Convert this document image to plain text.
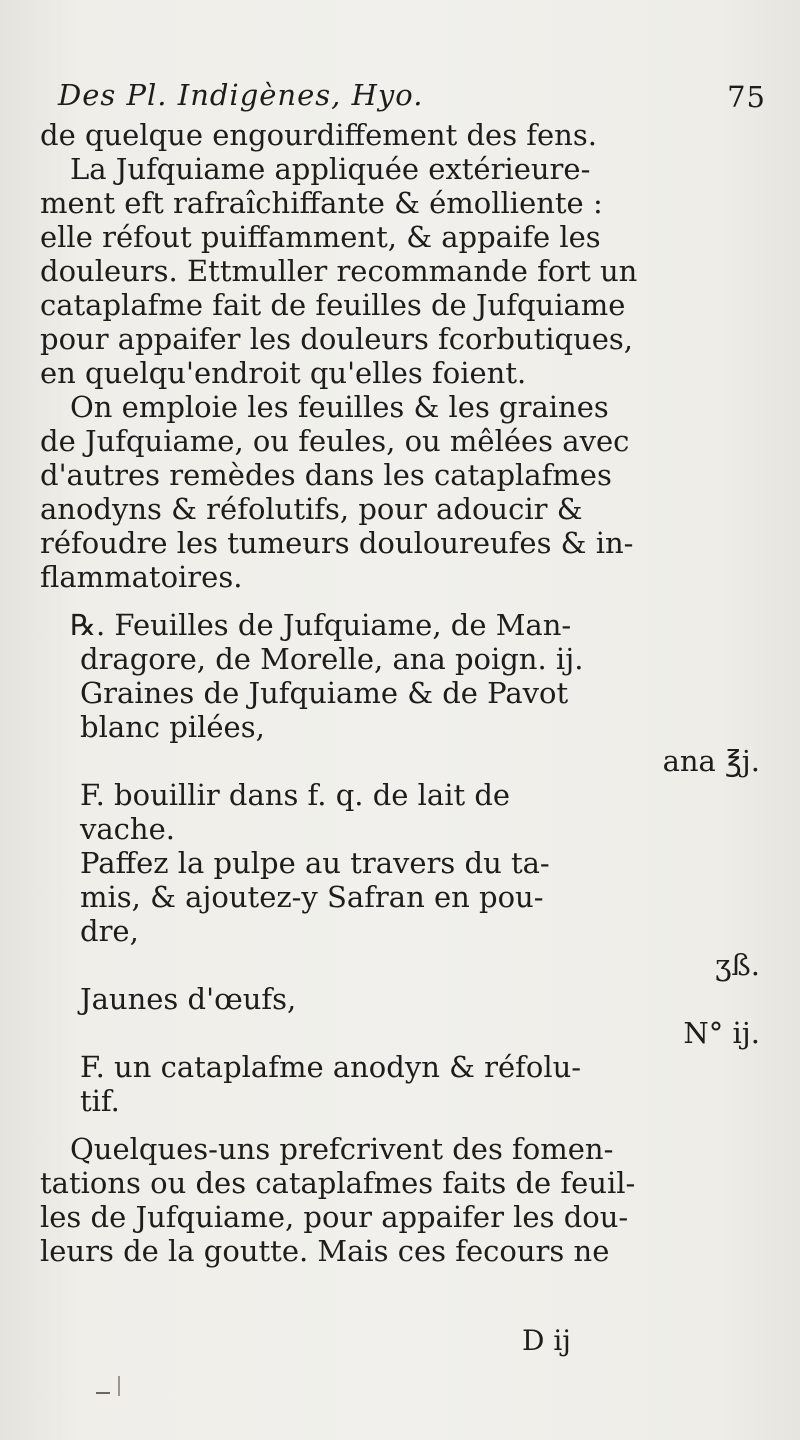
Des Pl. Indigènes, Hyo.	75
de quelque engourdiffement des fens.
La Jufquiame appliquée extérieure-
ment eft rafraîchiffante & émolliente :
elle réfout puiffamment, & appaife les
douleurs. Ettmuller recommande fort un
cataplafme fait de feuilles de Jufquiame
pour appaifer les douleurs fcorbutiques,
en quelqu'endroit qu'elles foient.
On emploie les feuilles & les graines
de Jufquiame, ou feules, ou mêlées avec
d'autres remèdes dans les cataplafmes
anodyns & réfolutifs, pour adoucir &
réfoudre les tumeurs douloureufes & in-
flammatoires.
℞. Feuilles de Jufquiame, de Man-
dragore, de Morelle, ana poign. ij.
Graines de Jufquiame & de Pavot
blanc pilées,
ana ℥j.
F. bouillir dans f. q. de lait de
vache.
Paffez la pulpe au travers du ta-
mis, & ajoutez-y Safran en pou-
dre,
ʒß.
Jaunes d'œufs,
N° ij.
F. un cataplafme anodyn & réfolu-
tif.
Quelques-uns prefcrivent des fomen-
tations ou des cataplafmes faits de feuil-
les de Jufquiame, pour appaifer les dou-
leurs de la goutte. Mais ces fecours ne
D ij
